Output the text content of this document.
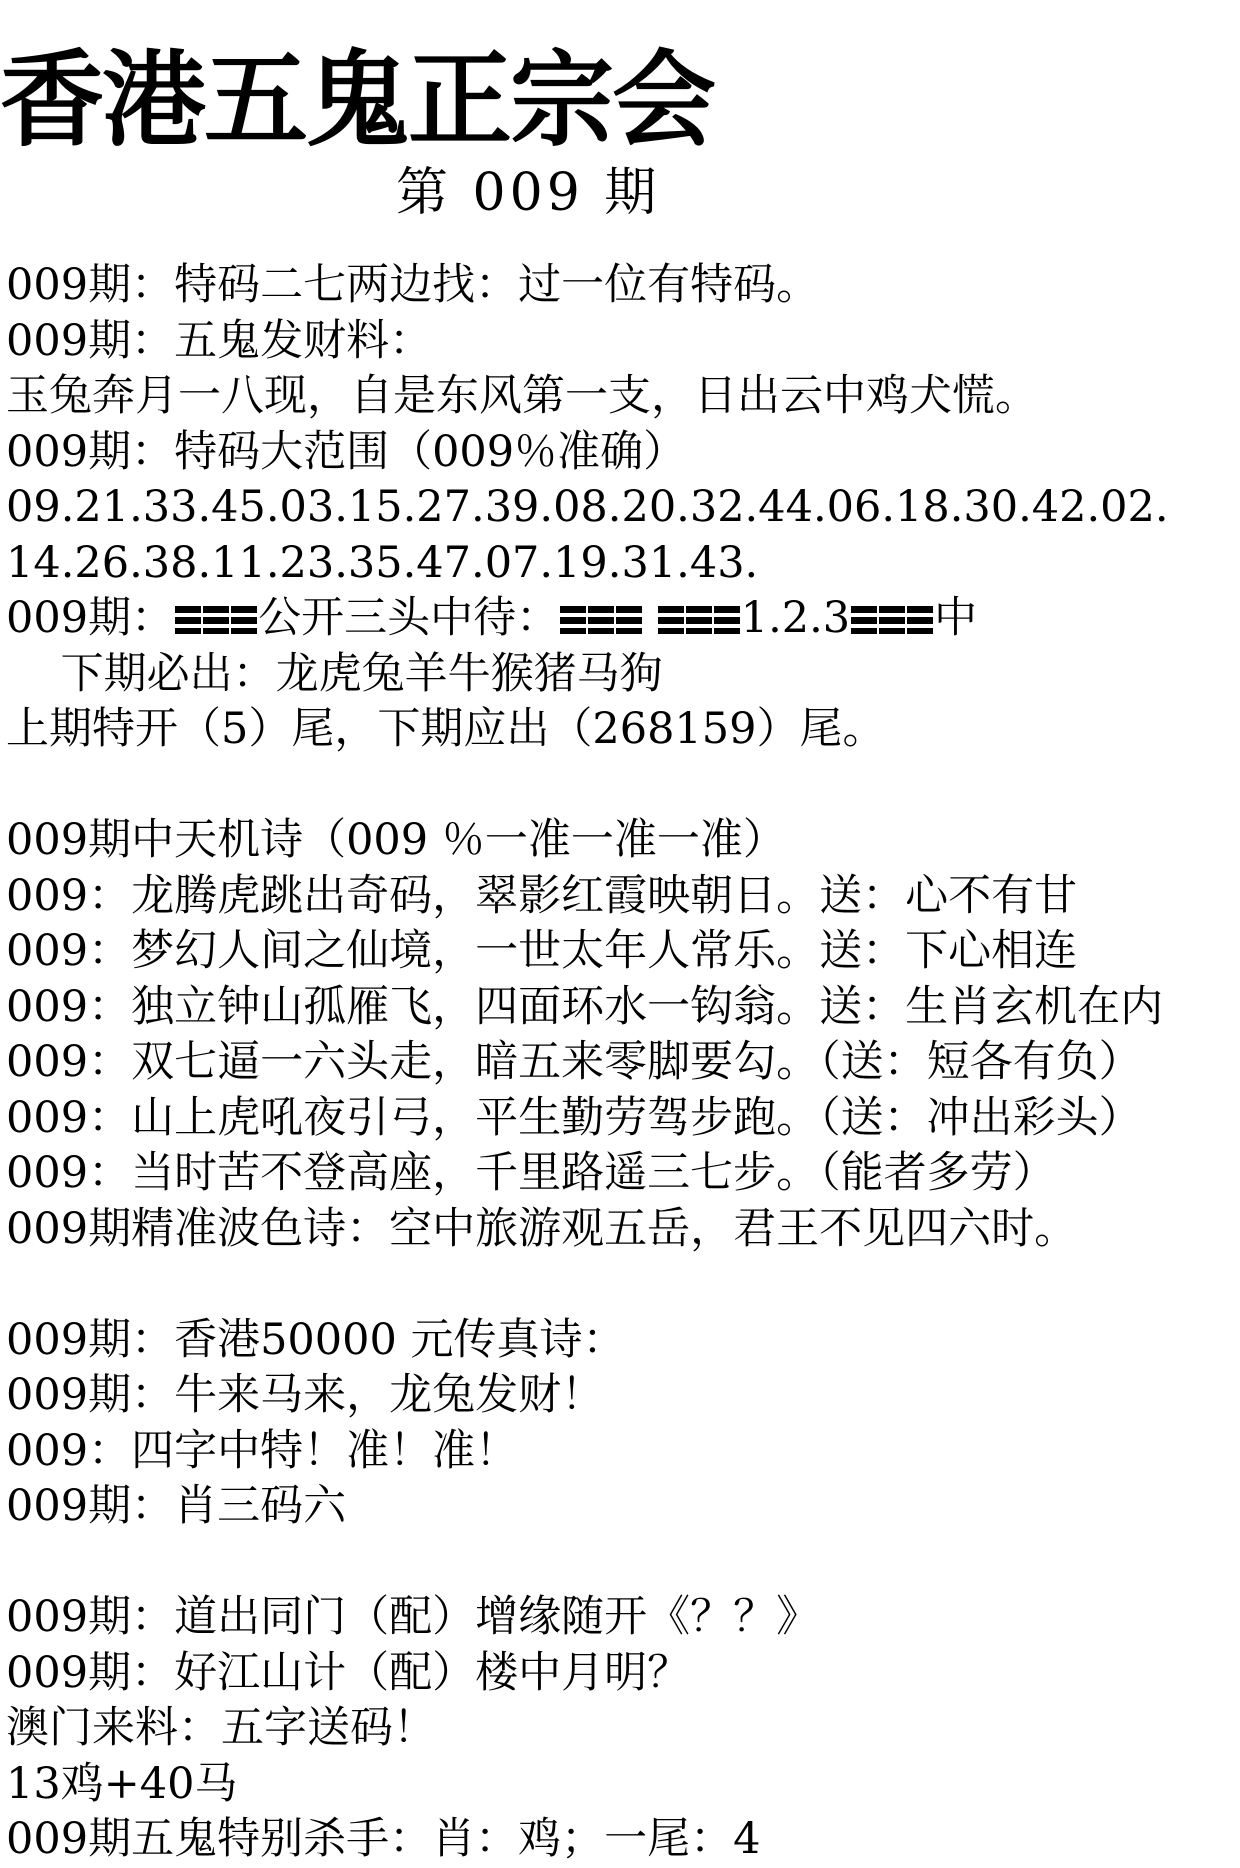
香港五鬼正宗会
第 009 期
009期：特码二七两边找：过一位有特码。
009期：五鬼发财料：
玉兔奔月一八现，自是东风第一支，日出云中鸡犬慌。
009期：特码大范围（009％准确）
09.21.33.45.03.15.27.39.08.20.32.44.06.18.30.42.02.
14.26.38.11.23.35.47.07.19.31.43.
009期： 公开三头中待：	1.2.3 中
下期必出：龙虎兔羊牛猴猪马狗
上期特开（5）尾，下期应出（268159）尾。
009期中天机诗（009 ％一准一准一准）
009：龙腾虎跳出奇码，翠影红霞映朝日。送：心不有甘
009：梦幻人间之仙境，一世太年人常乐。送：下心相连
009：独立钟山孤雁飞，四面环水一钩翁。送：生肖玄机在内
009：双七逼一六头走，暗五来零脚要勾。（送：短各有负）
009：山上虎吼夜引弓，平生勤劳驾步跑。（送：冲出彩头）
009：当时苦不登高座，千里路遥三七步。（能者多劳）
009期精准波色诗：空中旅游观五岳，君王不见四六时。
009期：香港50000 元传真诗：
009期：牛来马来，龙兔发财！
009：四字中特！准！准！
009期：肖三码六
009期：道出同门（配）增缘随开《？？》
009期：好江山计（配）楼中月明？
澳门来料：五字送码！
13鸡+40马
009期五鬼特别杀手：肖：鸡；一尾：4
